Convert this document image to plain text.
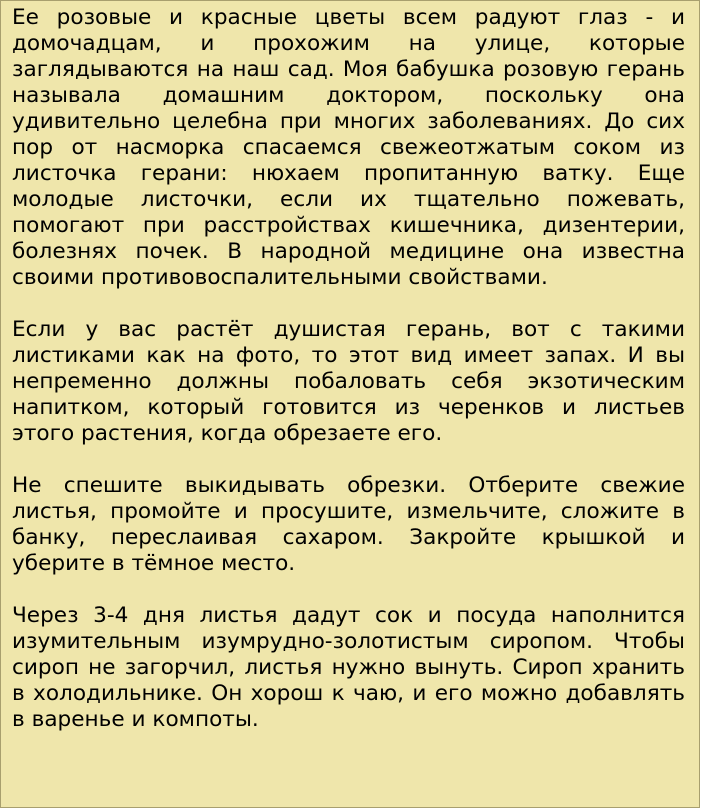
Ее розовые и красные цветы всем радуют глаз - и домочадцам, и прохожим на улице, которые заглядываются на наш сад. Моя бабушка розовую герань называла домашним доктором, поскольку она удивительно целебна при многих заболеваниях. До сих пор от насморка спасаемся свежеотжатым соком из листочка герани: нюхаем пропитанную ватку. Еще молодые листочки, если их тщательно пожевать, помогают при расстройствах кишечника, дизентерии, болезнях почек. В народной медицине она известна своими противовоспалительными свойствами.

Если у вас растёт душистая герань, вот с такими листиками как на фото, то этот вид имеет запах. И вы непременно должны побаловать себя экзотическим напитком, который готовится из черенков и листьев этого растения, когда обрезаете его.

Не спешите выкидывать обрезки. Отберите свежие листья, промойте и просушите, измельчите, сложите в банку, переслаивая сахаром. Закройте крышкой и уберите в тёмное место.

Через 3-4 дня листья дадут сок и посуда наполнится изумительным изумрудно-золотистым сиропом. Чтобы сироп не загорчил, листья нужно вынуть. Сироп хранить в холодильнике. Он хорош к чаю, и его можно добавлять в варенье и компоты.
